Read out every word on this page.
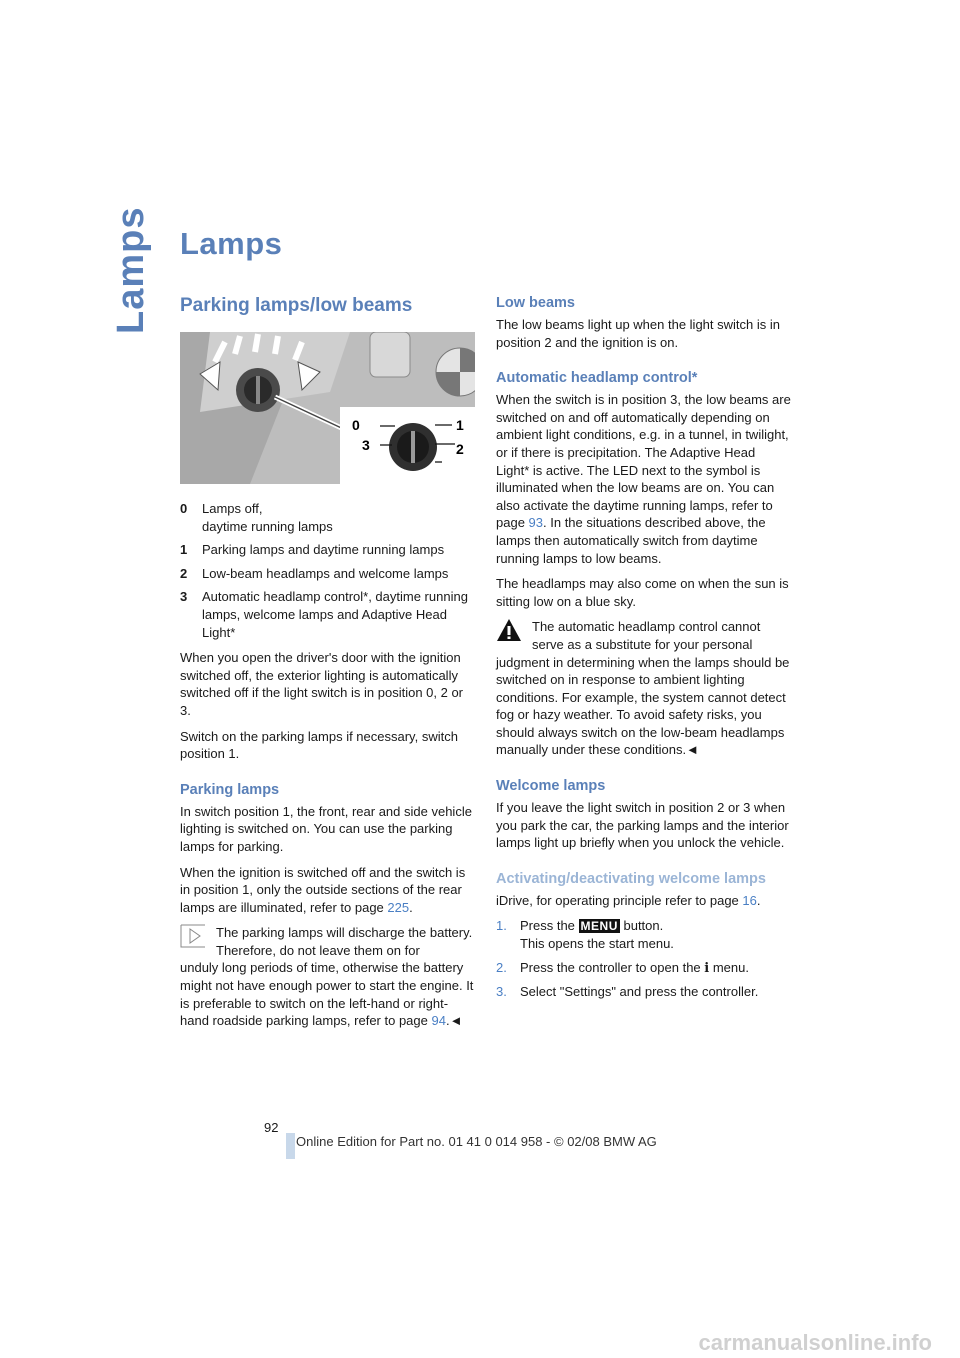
Lamps Lamps
Parking lamps/low beams
0	1
3	2
0	Lamps off,
daytime running lamps
1	Parking lamps and daytime running lamps
2	Low-beam headlamps and welcome lamps
3	Automatic headlamp control*, daytime running lamps, welcome lamps and Adaptive Head Light*

When you open the driver's door with the ignition switched off, the exterior lighting is automatically switched off if the light switch is in position 0, 2 or 3.

Switch on the parking lamps if necessary, switch position 1.

Parking lamps

In switch position 1, the front, rear and side vehicle lighting is switched on. You can use the parking lamps for parking.

When the ignition is switched off and the switch is in position 1, only the outside sections of the rear lamps are illuminated, refer to page 225.

The parking lamps will discharge the battery. Therefore, do not leave them on for

unduly long periods of time, otherwise the battery might not have enough power to start the engine. It is preferable to switch on the left-hand or right-hand roadside parking lamps, refer to page 94.◄

Low beams

The low beams light up when the light switch is in position 2 and the ignition is on.

Automatic headlamp control*

When the switch is in position 3, the low beams are switched on and off automatically depending on ambient light conditions, e.g. in a tunnel, in twilight, or if there is precipitation. The Adaptive Head Light* is active. The LED next to the symbol is illuminated when the low beams are on. You can also activate the daytime running lamps, refer to page 93. In the situations described above, the lamps then automatically switch from daytime running lamps to low beams.

The headlamps may also come on when the sun is sitting low on a blue sky.

The automatic headlamp control cannot serve as a substitute for your personal

judgment in determining when the lamps should be switched on in response to ambient lighting conditions. For example, the system cannot detect fog or hazy weather. To avoid safety risks, you should always switch on the low-beam headlamps manually under these conditions.◄

Welcome lamps

If you leave the light switch in position 2 or 3 when you park the car, the parking lamps and the interior lamps light up briefly when you unlock the vehicle.

Activating/deactivating welcome lamps

iDrive, for operating principle refer to page 16.

1.	Press the MENU button.
This opens the start menu.
2.	Press the controller to open the i menu.
3.	Select "Settings" and press the controller.
92
Online Edition for Part no. 01 41 0 014 958 - © 02/08 BMW AG
carmanualsonline.info
